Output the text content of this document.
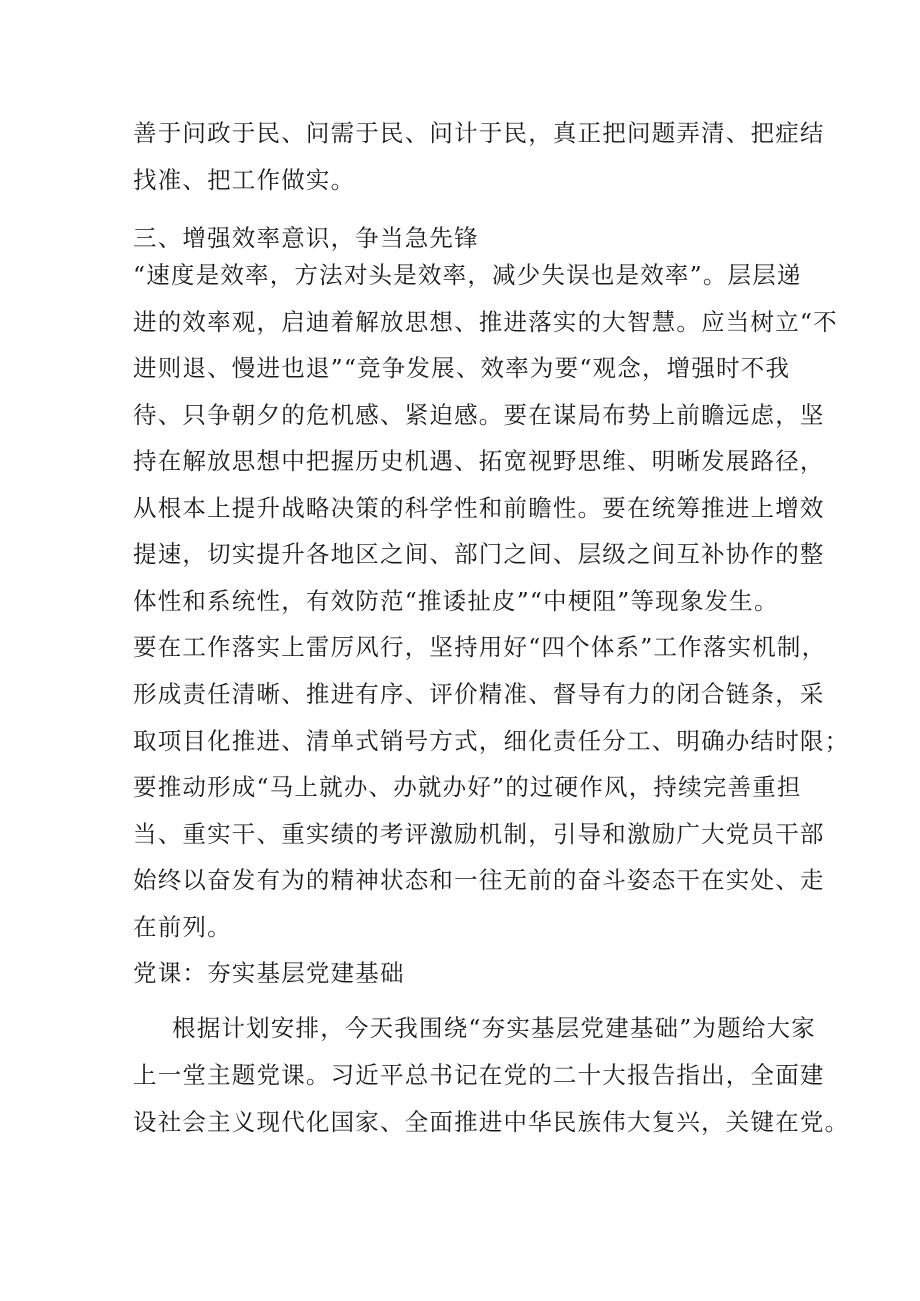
善于问政于民、问需于民、问计于民，真正把问题弄清、把症结
找准、把工作做实。
三、增强效率意识，争当急先锋
“速度是效率，方法对头是效率，减少失误也是效率”。层层递
进的效率观，启迪着解放思想、推进落实的大智慧。应当树立“不
进则退、慢进也退”“竞争发展、效率为要“观念，增强时不我
待、只争朝夕的危机感、紧迫感。要在谋局布势上前瞻远虑，坚
持在解放思想中把握历史机遇、拓宽视野思维、明晰发展路径，
从根本上提升战略决策的科学性和前瞻性。要在统筹推进上增效
提速，切实提升各地区之间、部门之间、层级之间互补协作的整
体性和系统性，有效防范“推诿扯皮”“中梗阻”等现象发生。
要在工作落实上雷厉风行，坚持用好“四个体系”工作落实机制，
形成责任清晰、推进有序、评价精准、督导有力的闭合链条，采
取项目化推进、清单式销号方式，细化责任分工、明确办结时限；
要推动形成“马上就办、办就办好”的过硬作风，持续完善重担
当、重实干、重实绩的考评激励机制，引导和激励广大党员干部
始终以奋发有为的精神状态和一往无前的奋斗姿态干在实处、走
在前列。
党课：夯实基层党建基础
根据计划安排，今天我围绕“夯实基层党建基础”为题给大家
上一堂主题党课。习近平总书记在党的二十大报告指出，全面建
设社会主义现代化国家、全面推进中华民族伟大复兴，关键在党。
